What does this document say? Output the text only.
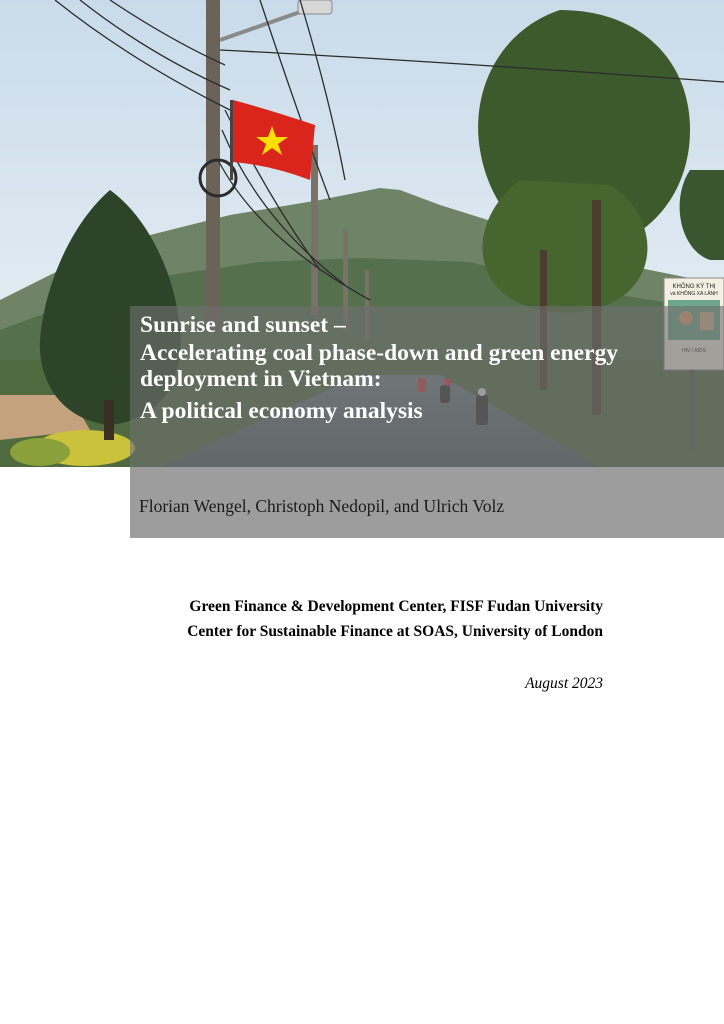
KHÔNG KỲ THỊ
và KHÔNG XA LÁNH
Sunrise and sunset –
Accelerating coal phase-down and green energy
deployment in Vietnam:
A political economy analysis
Florian Wengel, Christoph Nedopil, and Ulrich Volz
Green Finance & Development Center, FISF Fudan University
Center for Sustainable Finance at SOAS, University of London
August 2023
